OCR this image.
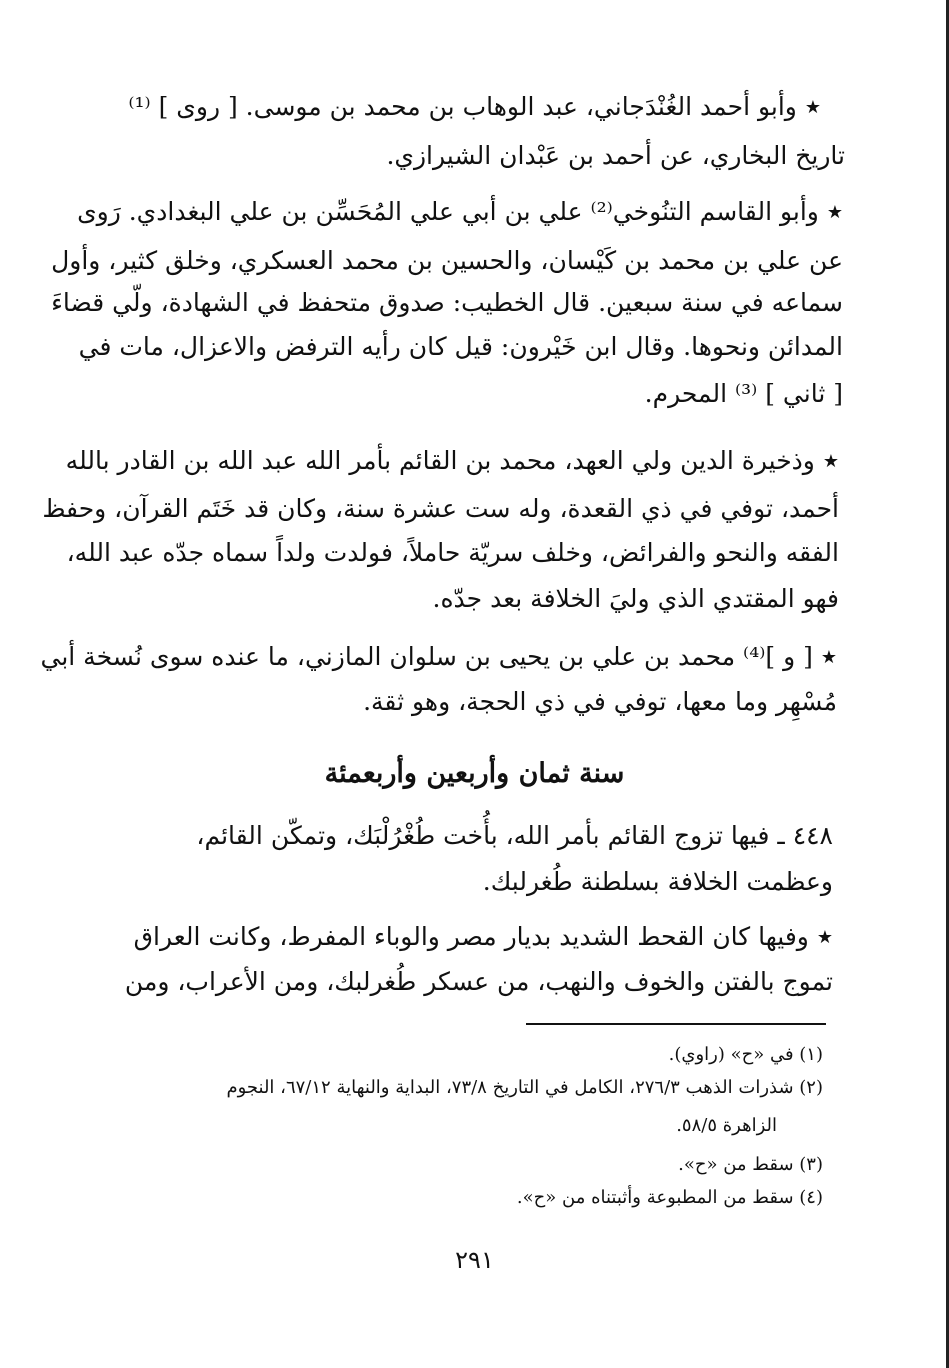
★ وأبو أحمد الغُنْدَجاني، عبد الوهاب بن محمد بن موسى. [ روى ] ⁽¹⁾
تاريخ البخاري، عن أحمد بن عَبْدان الشيرازي.
★ وأبو القاسم التنُوخي⁽²⁾ علي بن أبي علي المُحَسِّن بن علي البغدادي. رَوى
عن علي بن محمد بن كَيْسان، والحسين بن محمد العسكري، وخلق كثير، وأول
سماعه في سنة سبعين. قال الخطيب: صدوق متحفظ في الشهادة، ولّي قضاءَ
المدائن ونحوها. وقال ابن خَيْرون: قيل كان رأيه الترفض والاعزال، مات في
[ ثاني ] ⁽³⁾ المحرم.
★ وذخيرة الدين ولي العهد، محمد بن القائم بأمر الله عبد الله بن القادر بالله
أحمد، توفي في ذي القعدة، وله ست عشرة سنة، وكان قد خَتَم القرآن، وحفظ
الفقه والنحو والفرائض، وخلف سريّة حاملاً، فولدت ولداً سماه جدّه عبد الله،
فهو المقتدي الذي وليَ الخلافة بعد جدّه.
★ [ و ]⁽⁴⁾ محمد بن علي بن يحيى بن سلوان المازني، ما عنده سوى نُسخة أبي
مُسْهِر وما معها، توفي في ذي الحجة، وهو ثقة.
سنة ثمان وأربعين وأربعمئة
٤٤٨ ـ فيها تزوج القائم بأمر الله، بأُخت طُغْرُلْبَك، وتمكّن القائم،
وعظمت الخلافة بسلطنة طُغرلبك.
★ وفيها كان القحط الشديد بديار مصر والوباء المفرط، وكانت العراق
تموج بالفتن والخوف والنهب، من عسكر طُغرلبك، ومن الأعراب، ومن
(١) في «ح» (راوي).
(٢) شذرات الذهب ٢٧٦/٣، الكامل في التاريخ ٧٣/٨، البداية والنهاية ٦٧/١٢، النجوم
الزاهرة ٥٨/٥.
(٣) سقط من «ح».
(٤) سقط من المطبوعة وأثبتناه من «ح».
٢٩١
